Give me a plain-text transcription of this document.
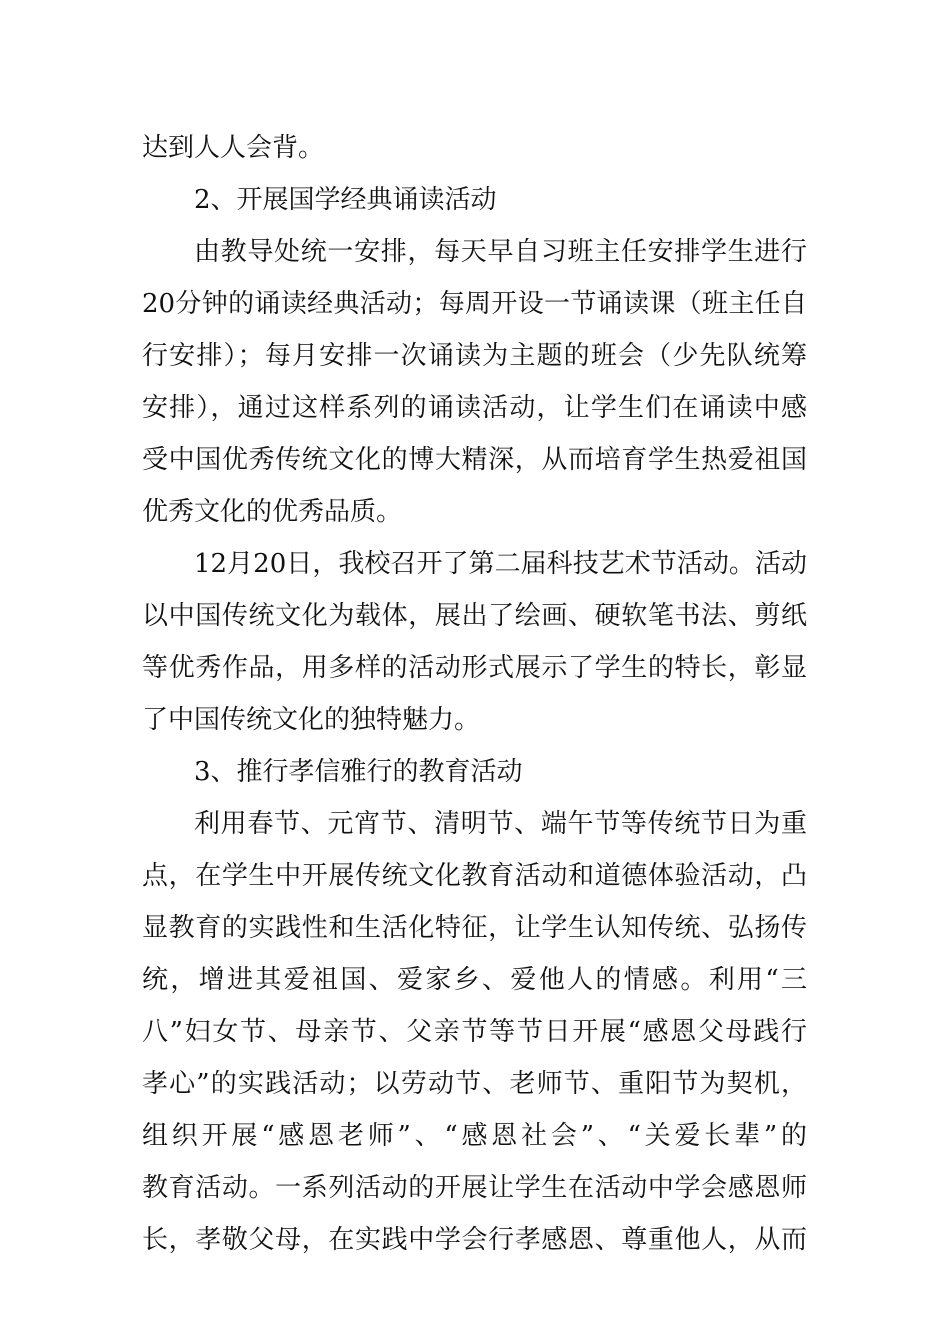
达到人人会背。
2、开展国学经典诵读活动
由教导处统一安排，每天早自习班主任安排学生进行
20分钟的诵读经典活动；每周开设一节诵读课（班主任自
行安排）；每月安排一次诵读为主题的班会（少先队统筹
安排），通过这样系列的诵读活动，让学生们在诵读中感
受中国优秀传统文化的博大精深，从而培育学生热爱祖国
优秀文化的优秀品质。
12月20日，我校召开了第二届科技艺术节活动。活动
以中国传统文化为载体，展出了绘画、硬软笔书法、剪纸
等优秀作品，用多样的活动形式展示了学生的特长，彰显
了中国传统文化的独特魅力。
3、推行孝信雅行的教育活动
利用春节、元宵节、清明节、端午节等传统节日为重
点，在学生中开展传统文化教育活动和道德体验活动，凸
显教育的实践性和生活化特征，让学生认知传统、弘扬传
统，增进其爱祖国、爱家乡、爱他人的情感。利用“三
八”妇女节、母亲节、父亲节等节日开展“感恩父母践行
孝心”的实践活动；以劳动节、老师节、重阳节为契机，
组织开展“感恩老师”、“感恩社会”、“关爱长辈”的
教育活动。一系列活动的开展让学生在活动中学会感恩师
长，孝敬父母，在实践中学会行孝感恩、尊重他人，从而
